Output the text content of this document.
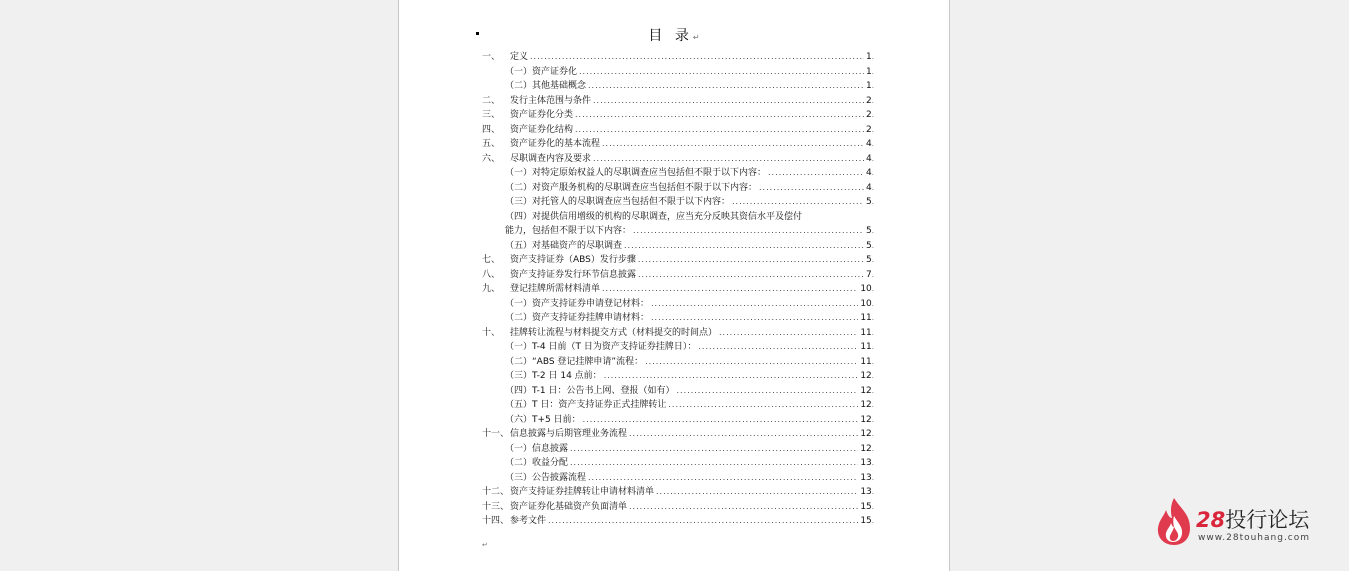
目 录↵
一、	定义 .....	1 .
（一）资产证券化 .....	1 .
（二）其他基础概念 .....	1 .
二、	发行主体范围与条件 .....	2 .
三、	资产证券化分类 .....	2 .
四、	资产证券化结构 .....	2 .
五、	资产证券化的基本流程 .....	4 .
六、	尽职调查内容及要求 .....	4 .
（一）对特定原始权益人的尽职调查应当包括但不限于以下内容： .....	4 .
（二）对资产服务机构的尽职调查应当包括但不限于以下内容： .....	4 .
（三）对托管人的尽职调查应当包括但不限于以下内容： .....	5 .
（四）对提供信用增级的机构的尽职调查，应当充分反映其资信水平及偿付
能力，包括但不限于以下内容： .....	5 .
（五）对基础资产的尽职调查 .....	5 .
七、	资产支持证券（ABS）发行步骤 .....	5 .
八、	资产支持证券发行环节信息披露 .....	7 .
九、	登记挂牌所需材料清单 .....	10 .
（一）资产支持证券申请登记材料： .....	10 .
（二）资产支持证券挂牌申请材料： .....	11 .
十、	挂牌转让流程与材料提交方式（材料提交的时间点） .....	11 .
（一）T-4 日前（T 日为资产支持证券挂牌日）： .....	11 .
（二）“ABS 登记挂牌申请”流程： .....	11 .
（三）T-2 日 14 点前： .....	12 .
（四）T-1 日：公告书上网、登报（如有） .....	12 .
（五）T 日：资产支持证券正式挂牌转让 .....	12 .
（六）T+5 日前： .....	12 .
十一、 信息披露与后期管理业务流程 .....	12 .
（一）信息披露 .....	12 .
（二）收益分配 .....	13 .
（三）公告披露流程 .....	13 .
十二、 资产支持证券挂牌转让申请材料清单 .....	13 .
十三、 资产证券化基础资产负面清单 .....	15 .
十四、 参考文件 .....	15 .
↵
28投行论坛
www.28touhang.com
